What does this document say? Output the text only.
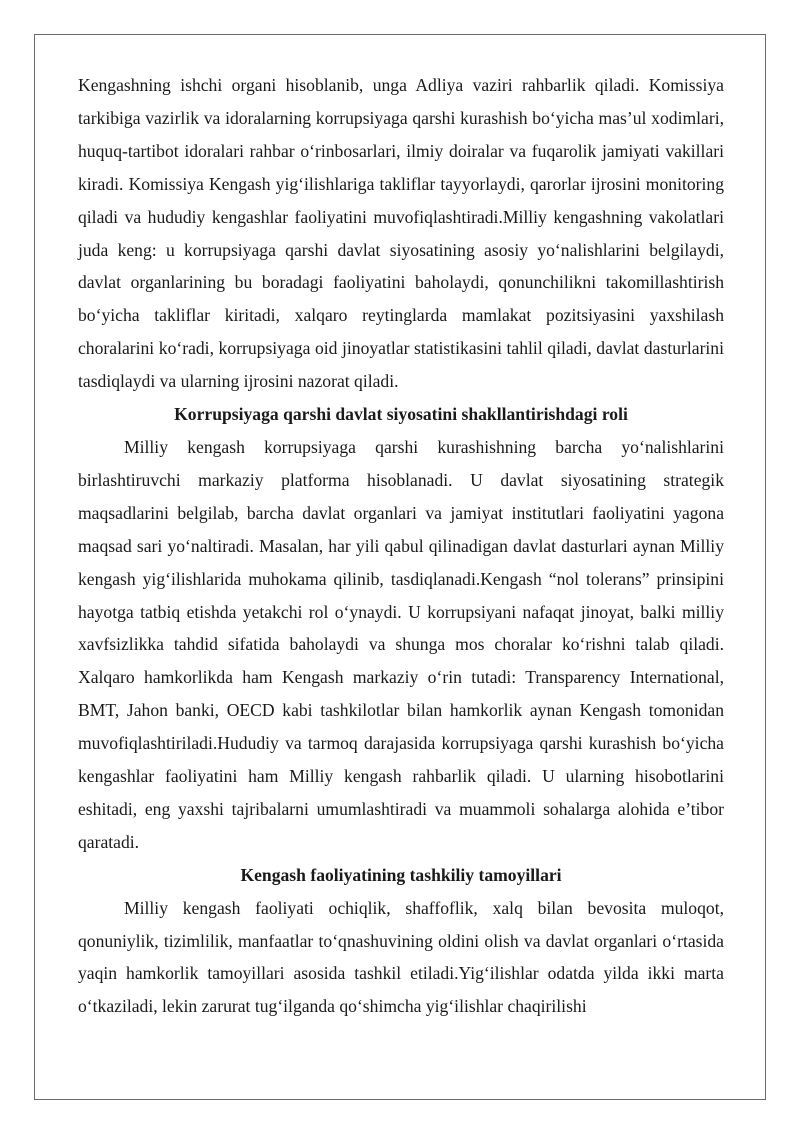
Kengashning ishchi organi hisoblanib, unga Adliya vaziri rahbarlik qiladi. Komissiya tarkibiga vazirlik va idoralarning korrupsiyaga qarshi kurashish bo‘yicha mas’ul xodimlari, huquq-tartibot idoralari rahbar o‘rinbosarlari, ilmiy doiralar va fuqarolik jamiyati vakillari kiradi. Komissiya Kengash yig‘ilishlariga takliflar tayyorlaydi, qarorlar ijrosini monitoring qiladi va hududiy kengashlar faoliyatini muvofiqlashtiradi.Milliy kengashning vakolatlari juda keng: u korrupsiyaga qarshi davlat siyosatining asosiy yo‘nalishlarini belgilaydi, davlat organlarining bu boradagi faoliyatini baholaydi, qonunchilikni takomillashtirish bo‘yicha takliflar kiritadi, xalqaro reytinglarda mamlakat pozitsiyasini yaxshilash choralarini ko‘radi, korrupsiyaga oid jinoyatlar statistikasini tahlil qiladi, davlat dasturlarini tasdiqlaydi va ularning ijrosini nazorat qiladi.

Korrupsiyaga qarshi davlat siyosatini shakllantirishdagi roli

Milliy kengash korrupsiyaga qarshi kurashishning barcha yo‘nalishlarini birlashtiruvchi markaziy platforma hisoblanadi. U davlat siyosatining strategik maqsadlarini belgilab, barcha davlat organlari va jamiyat institutlari faoliyatini yagona maqsad sari yo‘naltiradi. Masalan, har yili qabul qilinadigan davlat dasturlari aynan Milliy kengash yig‘ilishlarida muhokama qilinib, tasdiqlanadi.Kengash “nol tolerans” prinsipini hayotga tatbiq etishda yetakchi rol o‘ynaydi. U korrupsiyani nafaqat jinoyat, balki milliy xavfsizlikka tahdid sifatida baholaydi va shunga mos choralar ko‘rishni talab qiladi. Xalqaro hamkorlikda ham Kengash markaziy o‘rin tutadi: Transparency International, BMT, Jahon banki, OECD kabi tashkilotlar bilan hamkorlik aynan Kengash tomonidan muvofiqlashtiriladi.Hududiy va tarmoq darajasida korrupsiyaga qarshi kurashish bo‘yicha kengashlar faoliyatini ham Milliy kengash rahbarlik qiladi. U ularning hisobotlarini eshitadi, eng yaxshi tajribalarni umumlashtiradi va muammoli sohalarga alohida e’tibor qaratadi.

Kengash faoliyatining tashkiliy tamoyillari

Milliy kengash faoliyati ochiqlik, shaffoflik, xalq bilan bevosita muloqot, qonuniylik, tizimlilik, manfaatlar to‘qnashuvining oldini olish va davlat organlari o‘rtasida yaqin hamkorlik tamoyillari asosida tashkil etiladi.Yig‘ilishlar odatda yilda ikki marta o‘tkaziladi, lekin zarurat tug‘ilganda qo‘shimcha yig‘ilishlar chaqirilishi
